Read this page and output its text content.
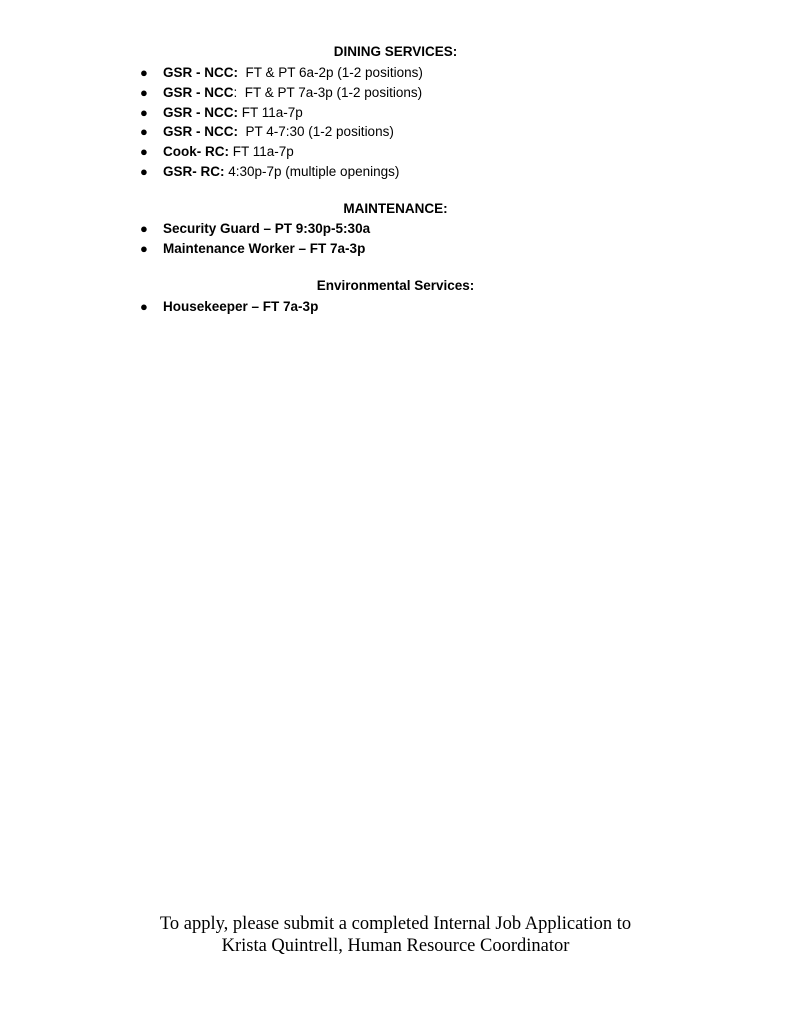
DINING SERVICES:
● GSR - NCC:  FT & PT 6a-2p (1-2 positions)
● GSR - NCC:  FT & PT 7a-3p (1-2 positions)
● GSR - NCC: FT 11a-7p
● GSR - NCC:  PT 4-7:30 (1-2 positions)
● Cook- RC: FT 11a-7p
● GSR- RC: 4:30p-7p (multiple openings)
MAINTENANCE:
● Security Guard – PT 9:30p-5:30a
● Maintenance Worker – FT 7a-3p
Environmental Services:
● Housekeeper – FT 7a-3p
To apply, please submit a completed Internal Job Application to
Krista Quintrell, Human Resource Coordinator
